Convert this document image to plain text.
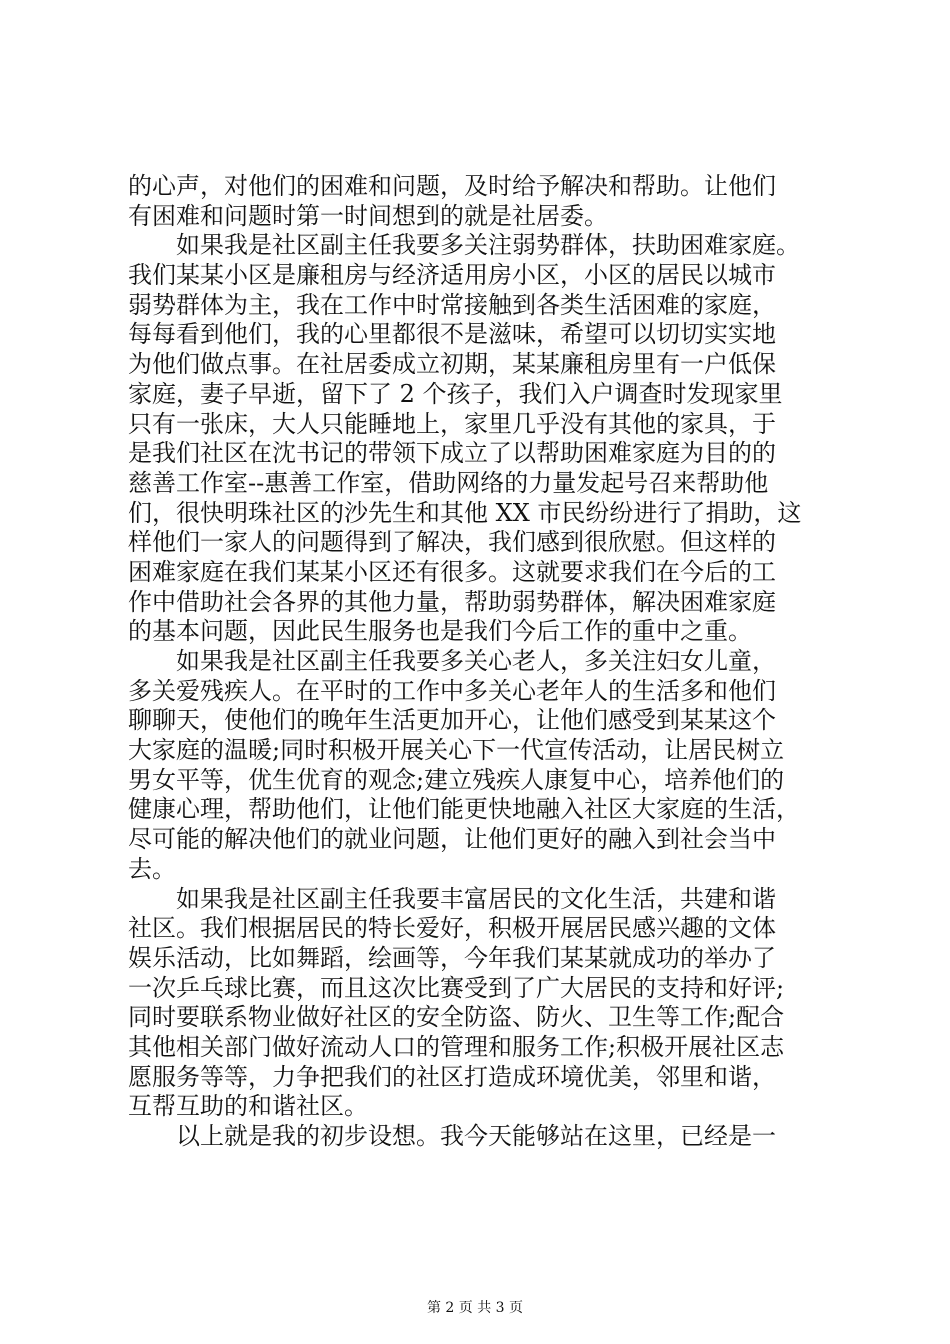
的心声，对他们的困难和问题，及时给予解决和帮助。让他们
有困难和问题时第一时间想到的就是社居委。
　　如果我是社区副主任我要多关注弱势群体，扶助困难家庭。
我们某某小区是廉租房与经济适用房小区，小区的居民以城市
弱势群体为主，我在工作中时常接触到各类生活困难的家庭，
每每看到他们，我的心里都很不是滋味，希望可以切切实实地
为他们做点事。在社居委成立初期，某某廉租房里有一户低保
家庭，妻子早逝，留下了 2 个孩子，我们入户调查时发现家里
只有一张床，大人只能睡地上，家里几乎没有其他的家具，于
是我们社区在沈书记的带领下成立了以帮助困难家庭为目的的
慈善工作室--惠善工作室，借助网络的力量发起号召来帮助他
们，很快明珠社区的沙先生和其他 XX 市民纷纷进行了捐助，这
样他们一家人的问题得到了解决，我们感到很欣慰。但这样的
困难家庭在我们某某小区还有很多。这就要求我们在今后的工
作中借助社会各界的其他力量，帮助弱势群体，解决困难家庭
的基本问题，因此民生服务也是我们今后工作的重中之重。
　　如果我是社区副主任我要多关心老人，多关注妇女儿童，
多关爱残疾人。在平时的工作中多关心老年人的生活多和他们
聊聊天，使他们的晚年生活更加开心，让他们感受到某某这个
大家庭的温暖;同时积极开展关心下一代宣传活动，让居民树立
男女平等，优生优育的观念;建立残疾人康复中心，培养他们的
健康心理，帮助他们，让他们能更快地融入社区大家庭的生活，
尽可能的解决他们的就业问题，让他们更好的融入到社会当中
去。
　　如果我是社区副主任我要丰富居民的文化生活，共建和谐
社区。我们根据居民的特长爱好，积极开展居民感兴趣的文体
娱乐活动，比如舞蹈，绘画等，今年我们某某就成功的举办了
一次乒乓球比赛，而且这次比赛受到了广大居民的支持和好评;
同时要联系物业做好社区的安全防盗、防火、卫生等工作;配合
其他相关部门做好流动人口的管理和服务工作;积极开展社区志
愿服务等等，力争把我们的社区打造成环境优美，邻里和谐，
互帮互助的和谐社区。
　　以上就是我的初步设想。我今天能够站在这里，已经是一
第 2 页 共 3 页
